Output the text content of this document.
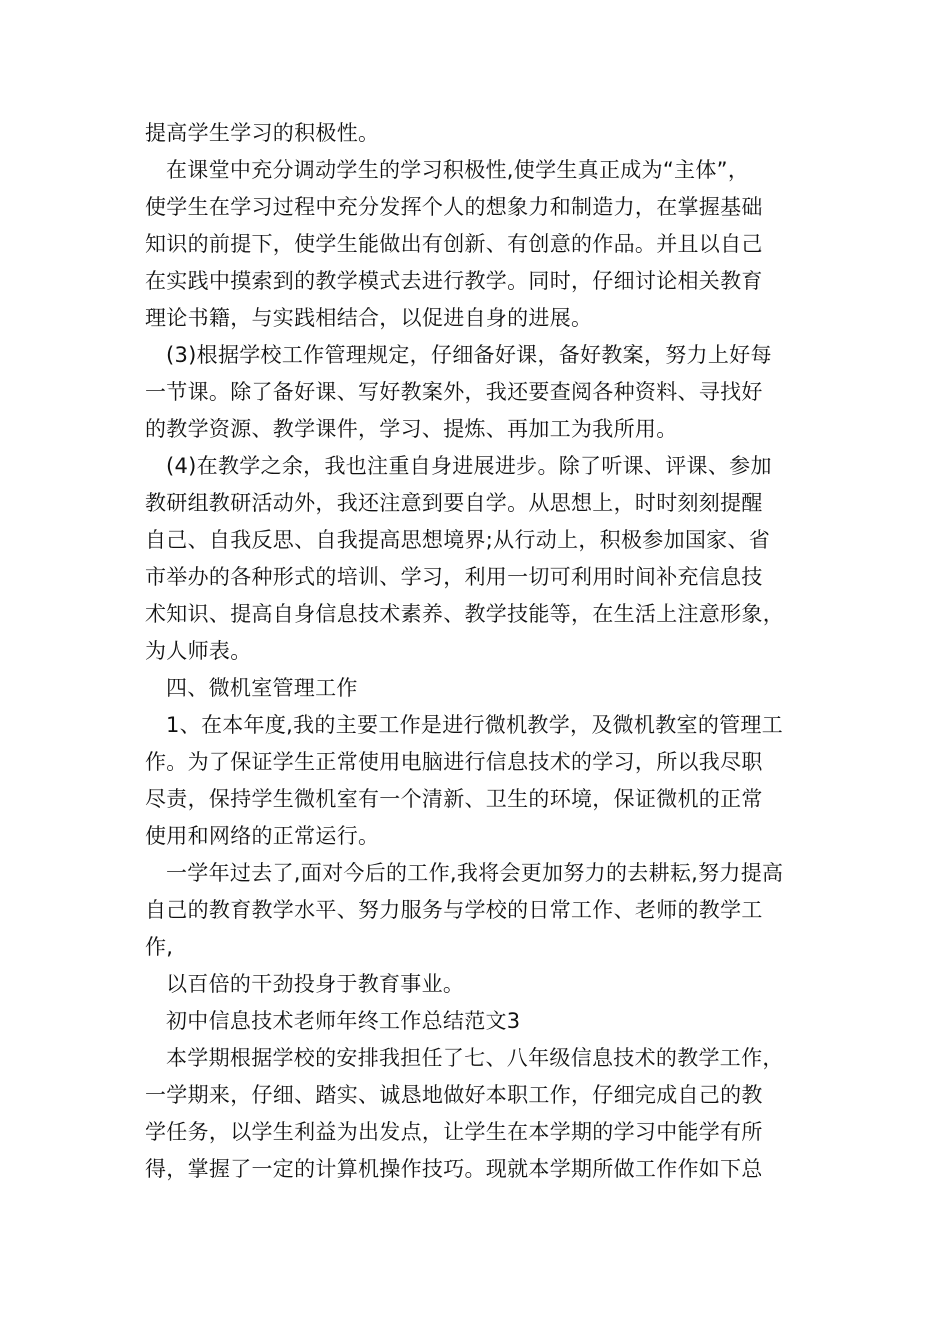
提高学生学习的积极性。
在课堂中充分调动学生的学习积极性,使学生真正成为“主体”，
使学生在学习过程中充分发挥个人的想象力和制造力，在掌握基础
知识的前提下，使学生能做出有创新、有创意的作品。并且以自己
在实践中摸索到的教学模式去进行教学。同时，仔细讨论相关教育
理论书籍，与实践相结合，以促进自身的进展。
(3)根据学校工作管理规定，仔细备好课，备好教案，努力上好每
一节课。除了备好课、写好教案外，我还要查阅各种资料、寻找好
的教学资源、教学课件，学习、提炼、再加工为我所用。
(4)在教学之余，我也注重自身进展进步。除了听课、评课、参加
教研组教研活动外，我还注意到要自学。从思想上，时时刻刻提醒
自己、自我反思、自我提高思想境界;从行动上，积极参加国家、省
市举办的各种形式的培训、学习，利用一切可利用时间补充信息技
术知识、提高自身信息技术素养、教学技能等，在生活上注意形象，
为人师表。
四、微机室管理工作
1、在本年度,我的主要工作是进行微机教学，及微机教室的管理工
作。为了保证学生正常使用电脑进行信息技术的学习，所以我尽职
尽责，保持学生微机室有一个清新、卫生的环境，保证微机的正常
使用和网络的正常运行。
一学年过去了,面对今后的工作,我将会更加努力的去耕耘,努力提高
自己的教育教学水平、努力服务与学校的日常工作、老师的教学工
作,
以百倍的干劲投身于教育事业。
初中信息技术老师年终工作总结范文3
本学期根据学校的安排我担任了七、八年级信息技术的教学工作，
一学期来，仔细、踏实、诚恳地做好本职工作，仔细完成自己的教
学任务，以学生利益为出发点，让学生在本学期的学习中能学有所
得，掌握了一定的计算机操作技巧。现就本学期所做工作作如下总
